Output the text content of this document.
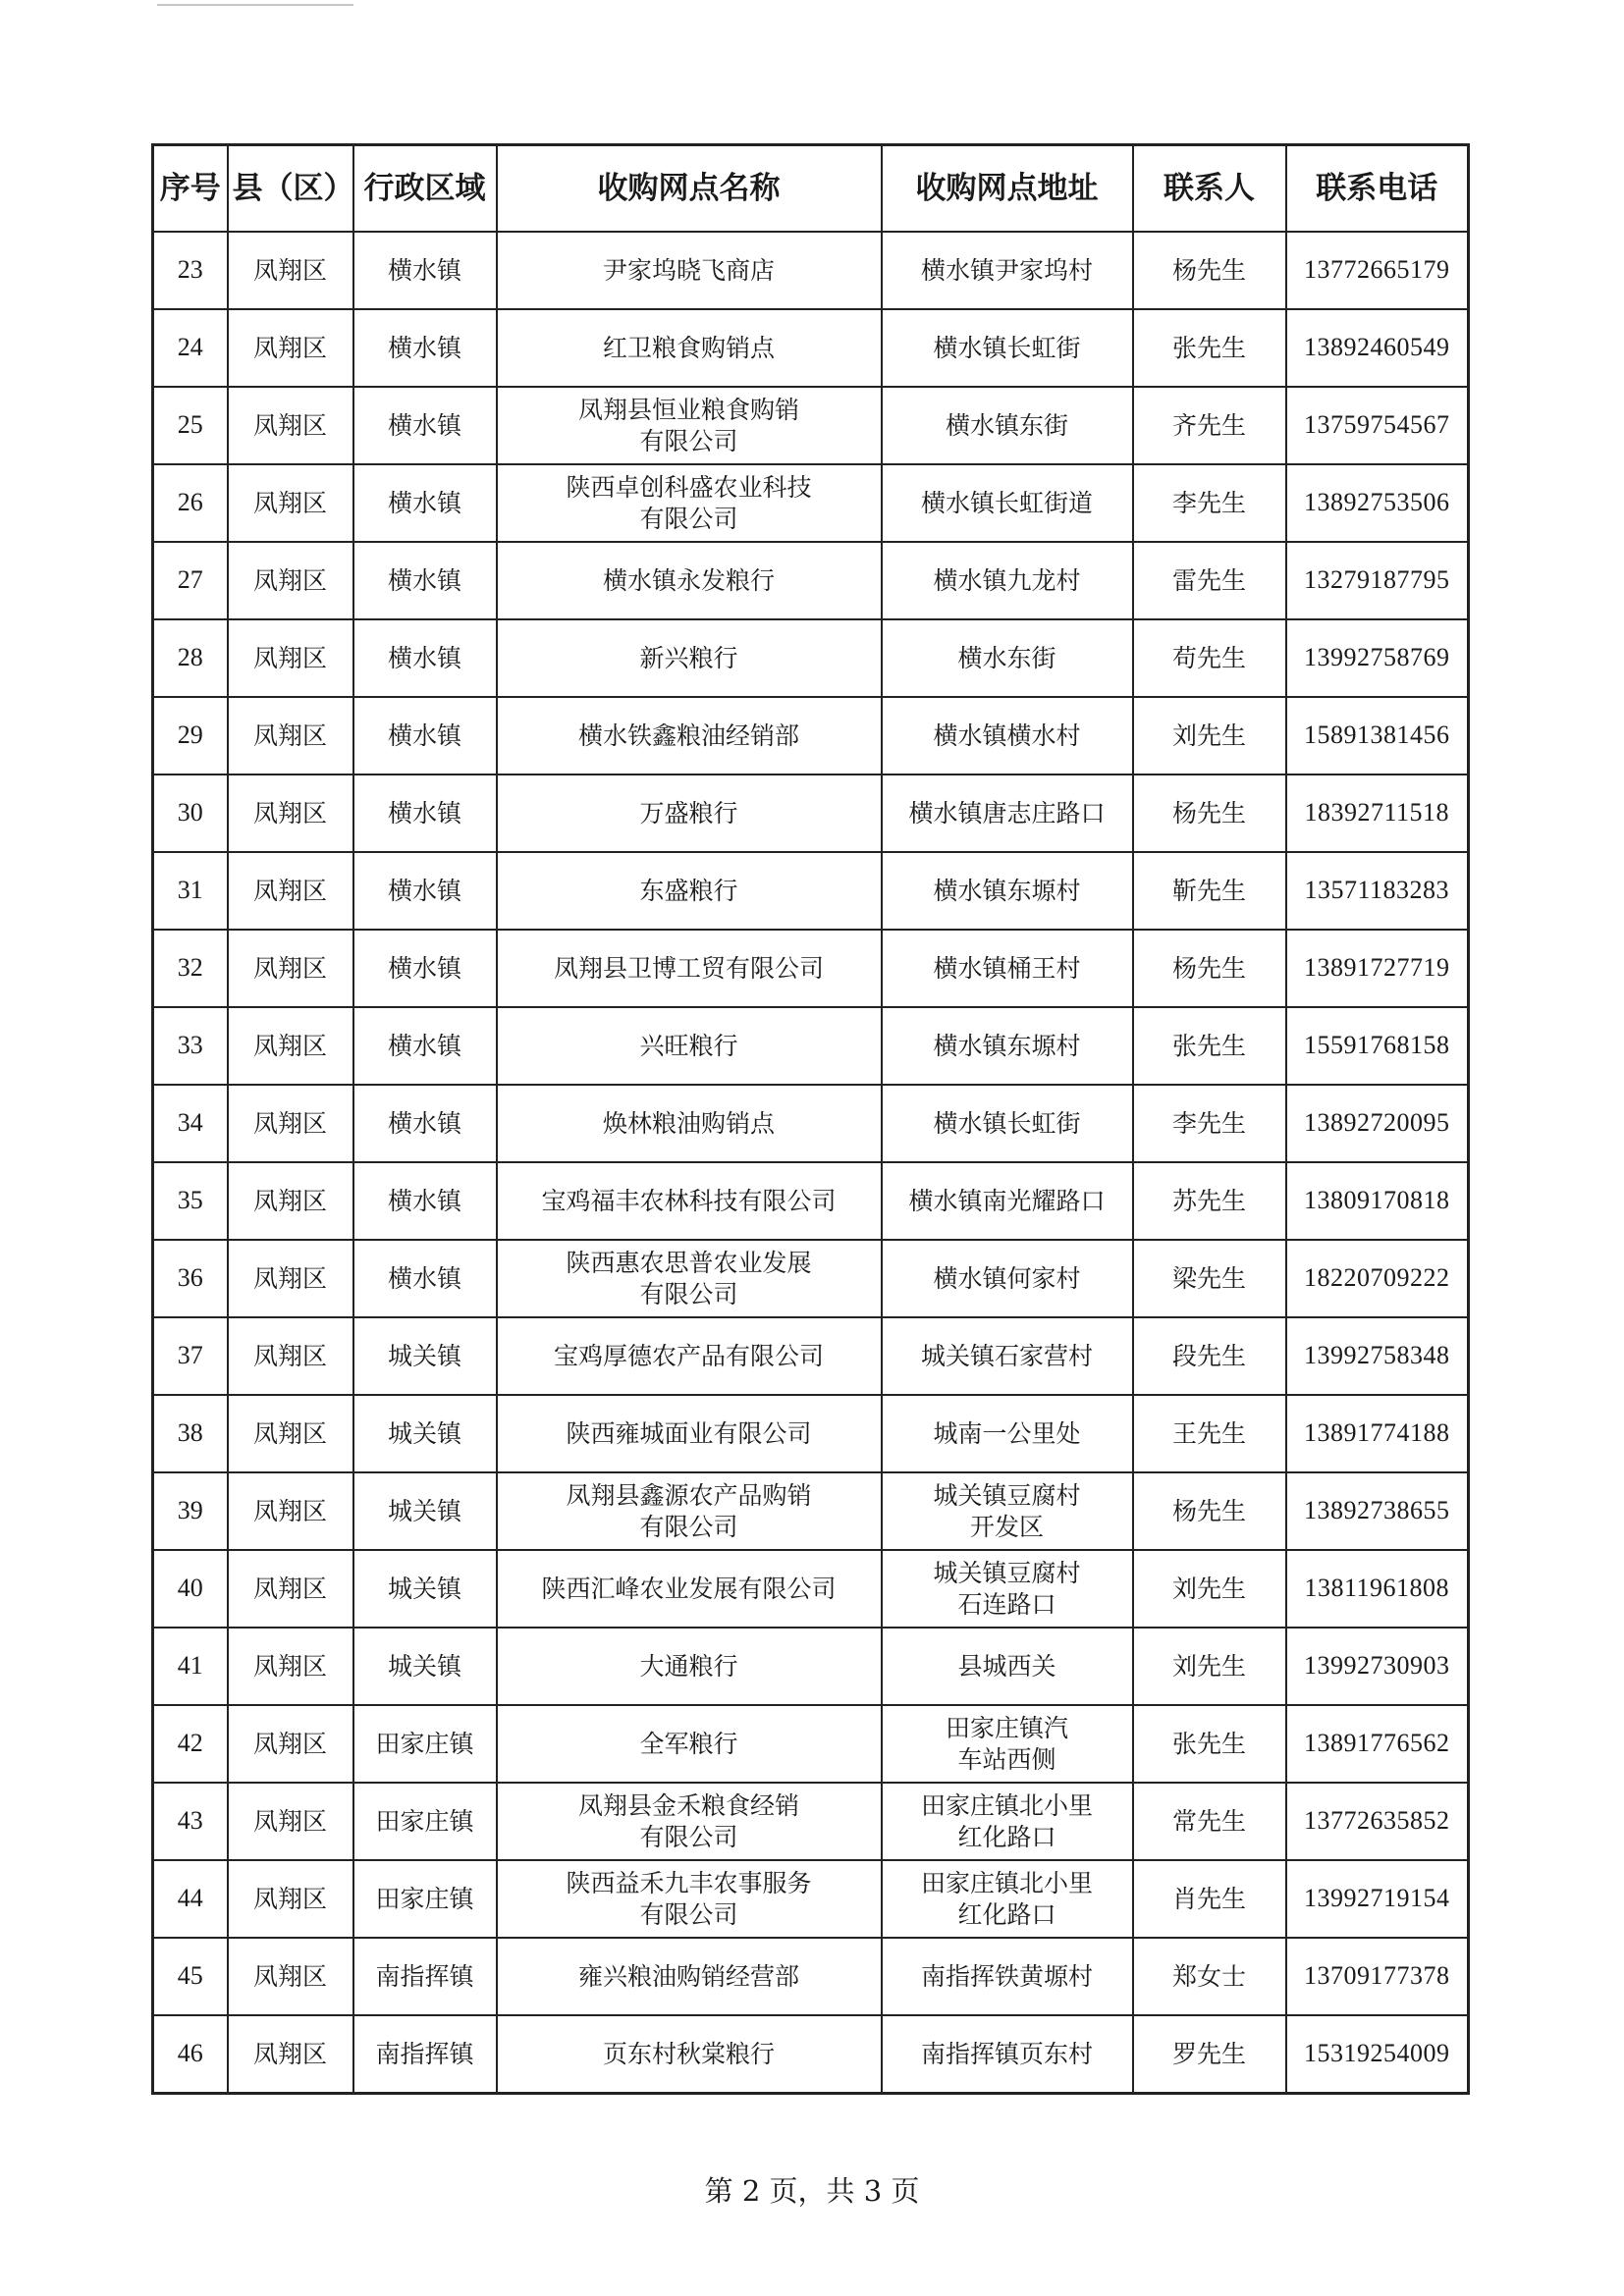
序号	县（区）	行政区域	收购网点名称	收购网点地址	联系人	联系电话
23	凤翔区	横水镇	尹家坞晓飞商店	横水镇尹家坞村	杨先生	13772665179
24	凤翔区	横水镇	红卫粮食购销点	横水镇长虹街	张先生	13892460549
25	凤翔区	横水镇	凤翔县恒业粮食购销
有限公司	横水镇东街	齐先生	13759754567
26	凤翔区	横水镇	陕西卓创科盛农业科技
有限公司	横水镇长虹街道	李先生	13892753506
27	凤翔区	横水镇	横水镇永发粮行	横水镇九龙村	雷先生	13279187795
28	凤翔区	横水镇	新兴粮行	横水东街	苟先生	13992758769
29	凤翔区	横水镇	横水铁鑫粮油经销部	横水镇横水村	刘先生	15891381456
30	凤翔区	横水镇	万盛粮行	横水镇唐志庄路口	杨先生	18392711518
31	凤翔区	横水镇	东盛粮行	横水镇东塬村	靳先生	13571183283
32	凤翔区	横水镇	凤翔县卫博工贸有限公司	横水镇桶王村	杨先生	13891727719
33	凤翔区	横水镇	兴旺粮行	横水镇东塬村	张先生	15591768158
34	凤翔区	横水镇	焕林粮油购销点	横水镇长虹街	李先生	13892720095
35	凤翔区	横水镇	宝鸡福丰农林科技有限公司	横水镇南光耀路口	苏先生	13809170818
36	凤翔区	横水镇	陕西惠农思普农业发展
有限公司	横水镇何家村	梁先生	18220709222
37	凤翔区	城关镇	宝鸡厚德农产品有限公司	城关镇石家营村	段先生	13992758348
38	凤翔区	城关镇	陕西雍城面业有限公司	城南一公里处	王先生	13891774188
39	凤翔区	城关镇	凤翔县鑫源农产品购销
有限公司	城关镇豆腐村
开发区	杨先生	13892738655
40	凤翔区	城关镇	陕西汇峰农业发展有限公司	城关镇豆腐村
石连路口	刘先生	13811961808
41	凤翔区	城关镇	大通粮行	县城西关	刘先生	13992730903
42	凤翔区	田家庄镇	全军粮行	田家庄镇汽
车站西侧	张先生	13891776562
43	凤翔区	田家庄镇	凤翔县金禾粮食经销
有限公司	田家庄镇北小里
红化路口	常先生	13772635852
44	凤翔区	田家庄镇	陕西益禾九丰农事服务
有限公司	田家庄镇北小里
红化路口	肖先生	13992719154
45	凤翔区	南指挥镇	雍兴粮油购销经营部	南指挥铁黄塬村	郑女士	13709177378
46	凤翔区	南指挥镇	页东村秋棠粮行	南指挥镇页东村	罗先生	15319254009
第 2 页，共 3 页
